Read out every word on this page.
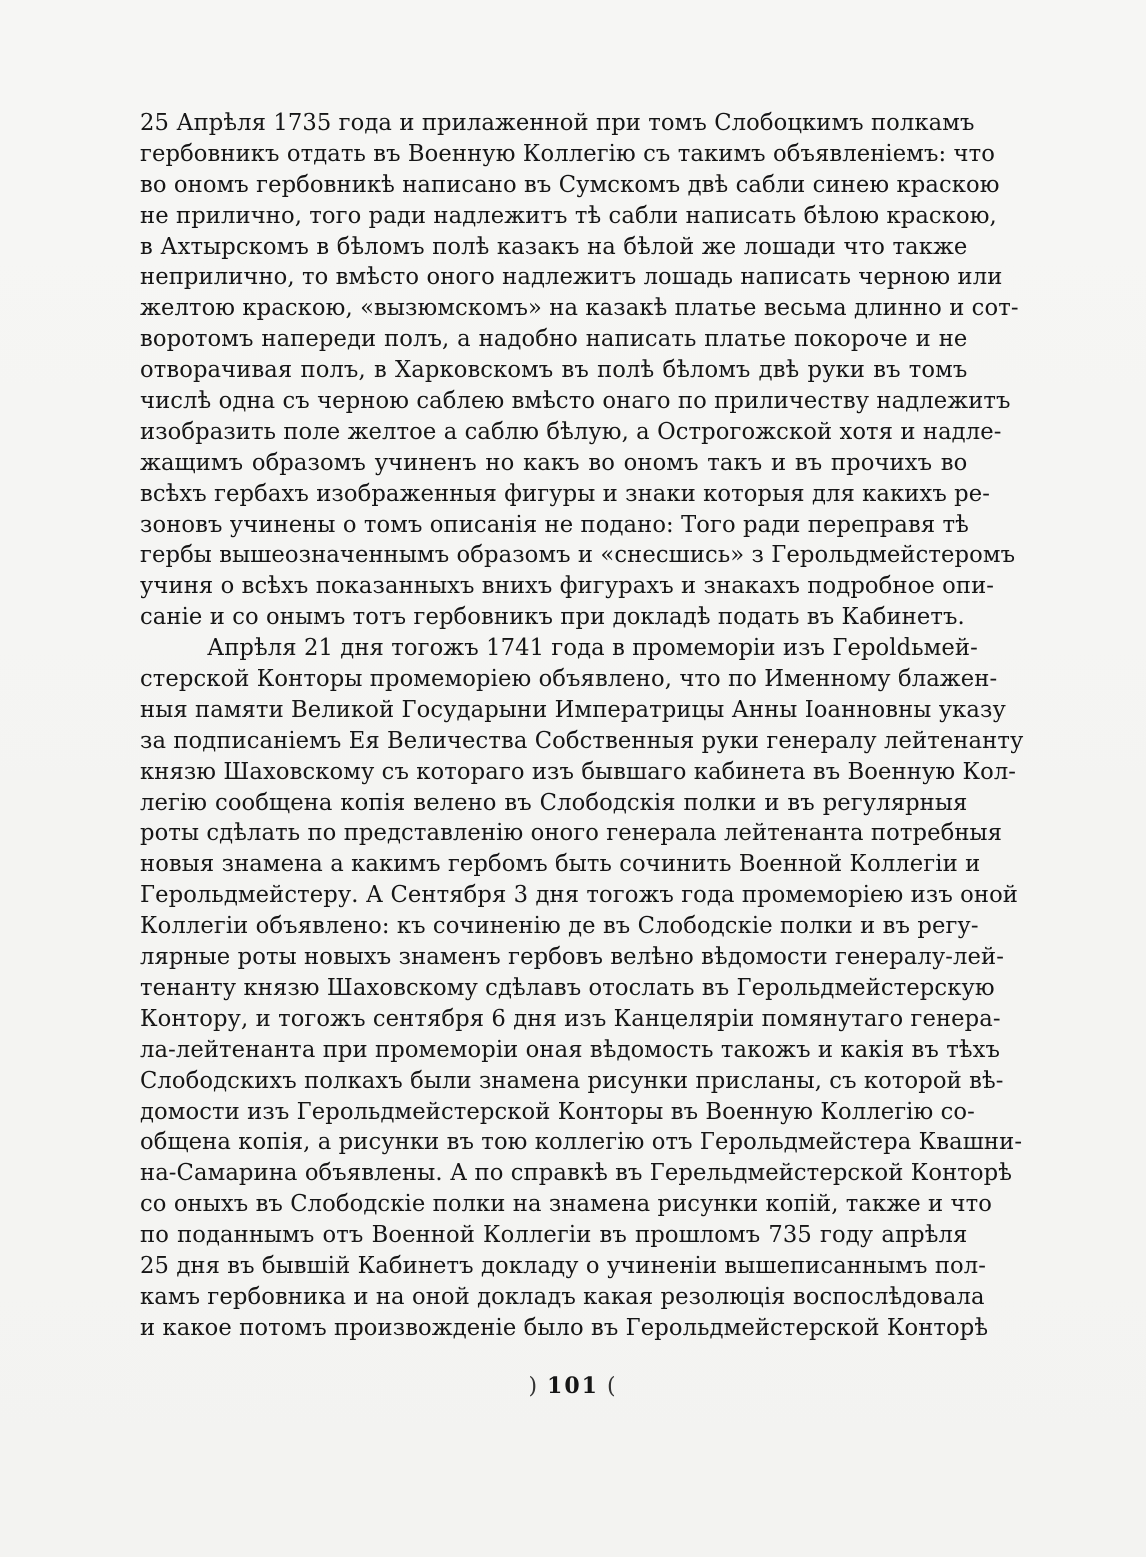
25 Апрѣля 1735 года и прилаженной при томъ Слобоцкимъ полкамъ
гербовникъ отдать въ Военную Коллегію съ такимъ объявленіемъ: что
во ономъ гербовникѣ написано въ Сумскомъ двѣ сабли синею краскою
не прилично, того ради надлежитъ тѣ сабли написать бѣлою краскою,
в Ахтырскомъ в бѣломъ полѣ казакъ на бѣлой же лошади что также
неприлично, то вмѣсто оного надлежитъ лошадь написать черною или
желтою краскою, «вызюмскомъ» на казакѣ платье весьма длинно и сот-
воротомъ напереди полъ, а надобно написать платье покороче и не
отворачивая полъ, в Харковскомъ въ полѣ бѣломъ двѣ руки въ томъ
числѣ одна съ черною саблею вмѣсто онаго по приличеству надлежитъ
изобразить поле желтое а саблю бѣлую, а Острогожской хотя и надле-
жащимъ образомъ учиненъ но какъ во ономъ такъ и въ прочихъ во
всѣхъ гербахъ изображенныя фигуры и знаки которыя для какихъ ре-
зоновъ учинены о томъ описанія не подано: Того ради переправя тѣ
гербы вышеозначеннымъ образомъ и «снесшись» з Герольдмейстеромъ
учиня о всѣхъ показанныхъ вниxъ фигурахъ и знакахъ подробное опи-
саніе и со онымъ тотъ гербовникъ при докладѣ подать въ Кабинетъ.
Апрѣля 21 дня тогожъ 1741 года в промеморіи изъ Героldьмей-
стерской Конторы промеморіею объявлено, что по Именному блажен-
ныя памяти Великой Государыни Императрицы Анны Іоанновны указу
за подписаніемъ Ея Величества Собственныя руки генералу лейтенанту
князю Шаховскому съ котораго изъ бывшаго кабинета въ Военную Кол-
легію сообщена копія велено въ Слободскія полки и въ регулярныя
роты сдѣлать по представленію оного генерала лейтенанта потребныя
новыя знамена а какимъ гербомъ быть сочинить Военной Коллегіи и
Герольдмейстеру. А Сентября 3 дня тогожъ года промеморіею изъ оной
Коллегіи объявлено: къ сочиненію де въ Слободскіе полки и въ регу-
лярные роты новыхъ знаменъ гербовъ велѣно вѣдомости генералу-лей-
тенанту князю Шаховскому сдѣлавъ отослать въ Герольдмейстерскую
Контору, и тогожъ сентября 6 дня изъ Канцеляріи помянутаго генера-
ла-лейтенанта при промеморіи оная вѣдомость такожъ и какія въ тѣхъ
Слободскихъ полкахъ были знамена рисунки присланы, съ которой вѣ-
домости изъ Герольдмейстерской Конторы въ Военную Коллегію со-
общена копія, а рисунки въ тою коллегію отъ Герольдмейстера Квашни-
на-Самарина объявлены. А по справкѣ въ Герельдмейстерской Конторѣ
со оныхъ въ Слободскіе полки на знамена рисунки копій, также и что
по поданнымъ отъ Военной Коллегіи въ прошломъ 735 году апрѣля
25 дня въ бывшій Кабинетъ докладу о учиненіи вышеписаннымъ пол-
камъ гербовника и на оной докладъ какая резолюція воспослѣдовала
и какое потомъ произвожденіе было въ Герольдмейстерской Конторѣ
) 101 (
